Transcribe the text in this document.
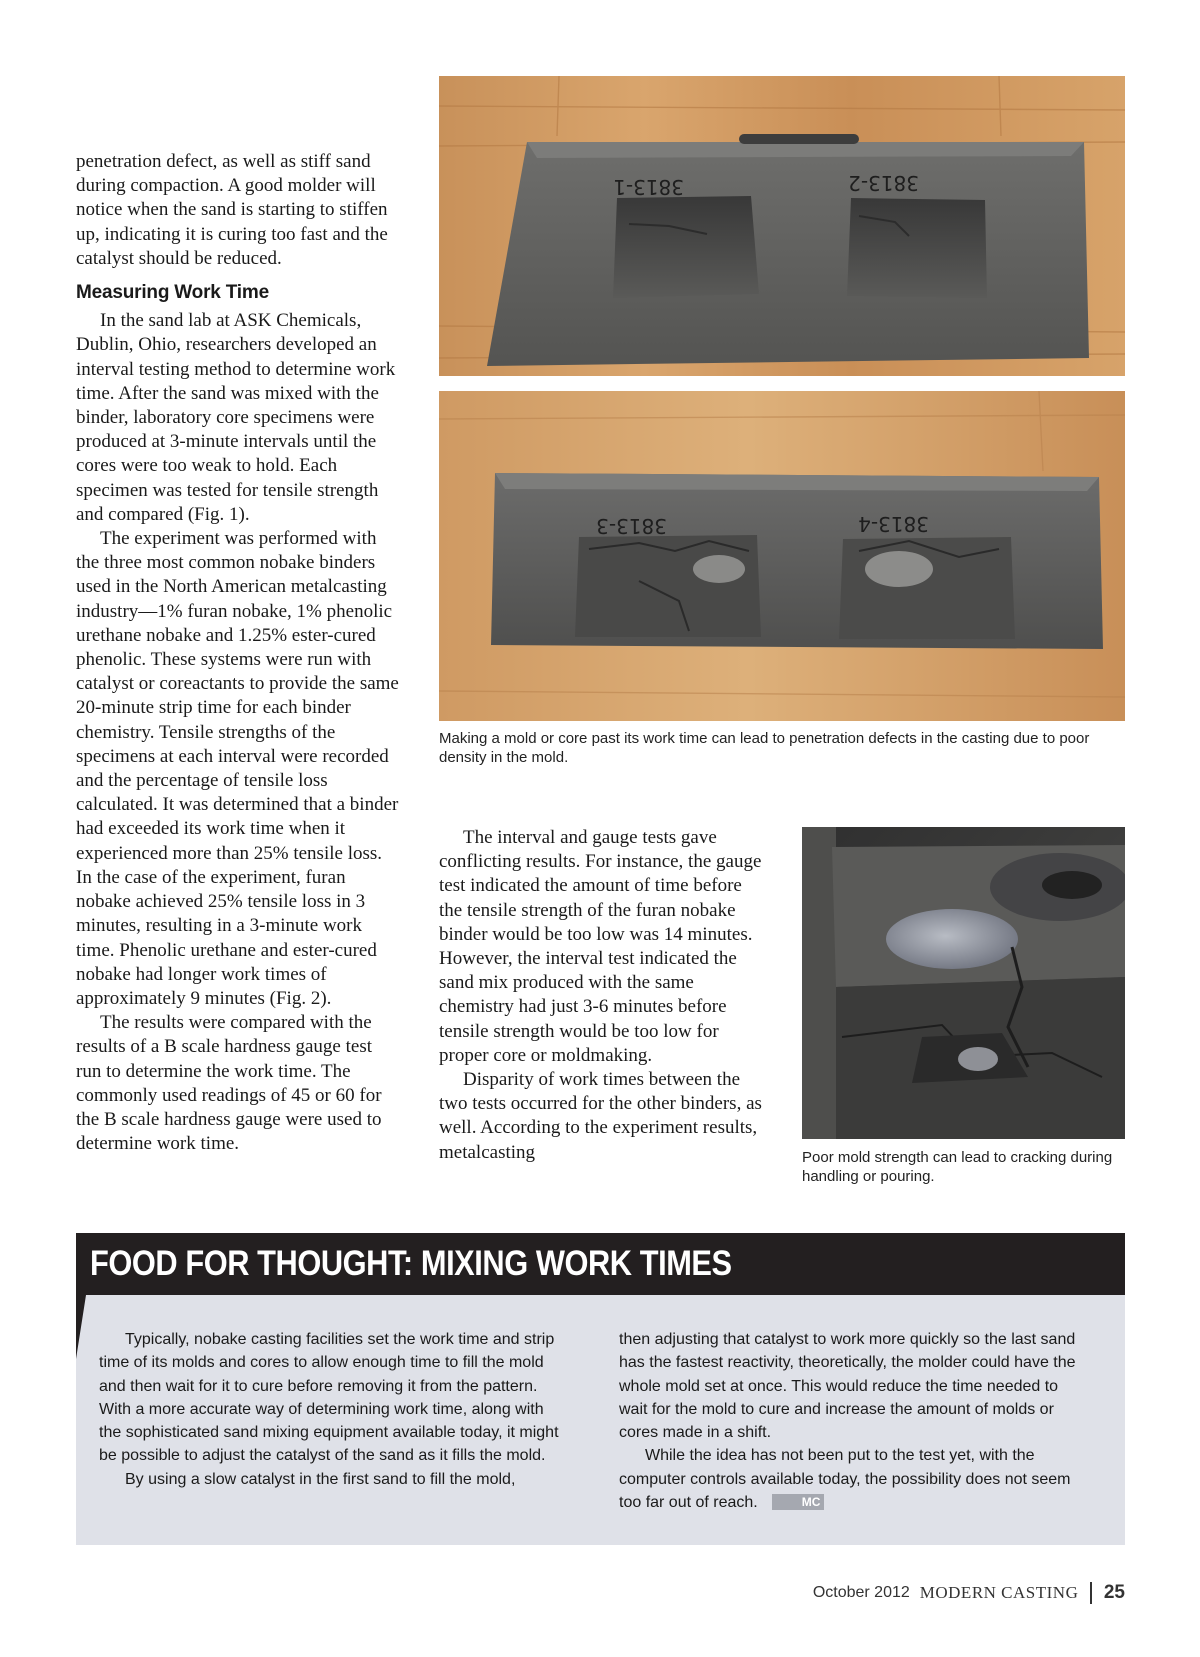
penetration defect, as well as stiff sand during compaction. A good molder will notice when the sand is starting to stiffen up, indicating it is curing too fast and the catalyst should be reduced.

Measuring Work Time

In the sand lab at ASK Chemicals, Dublin, Ohio, researchers developed an interval testing method to determine work time. After the sand was mixed with the binder, laboratory core specimens were produced at 3-minute intervals until the cores were too weak to hold. Each specimen was tested for tensile strength and compared (Fig. 1).

The experiment was performed with the three most common nobake binders used in the North American metalcasting industry—1% furan nobake, 1% phenolic urethane nobake and 1.25% ester-cured phenolic. These systems were run with catalyst or coreactants to provide the same 20-minute strip time for each binder chemistry. Tensile strengths of the specimens at each interval were recorded and the percentage of tensile loss calculated. It was determined that a binder had exceeded its work time when it experienced more than 25% tensile loss. In the case of the experiment, furan nobake achieved 25% tensile loss in 3 minutes, resulting in a 3-minute work time. Phenolic urethane and ester-cured nobake had longer work times of approximately 9 minutes (Fig. 2).

The results were compared with the results of a B scale hardness gauge test run to determine the work time. The commonly used readings of 45 or 60 for the B scale hardness gauge were used to determine work time.

3813-1	3813-2
3813-3	3813-4
Making a mold or core past its work time can lead to penetration defects in the casting due to poor density in the mold.

The interval and gauge tests gave conflicting results. For instance, the gauge test indicated the amount of time before the tensile strength of the furan nobake binder would be too low was 14 minutes. However, the interval test indicated the sand mix produced with the same chemistry had just 3-6 minutes before tensile strength would be too low for proper core or moldmaking.

Disparity of work times between the two tests occurred for the other binders, as well. According to the experiment results, metalcasting	Poor mold strength can lead to cracking during handling or pouring.
FOOD FOR THOUGHT: MIXING WORK TIMES

Typically, nobake casting facilities set the work time and strip time of its molds and cores to allow enough time to fill the mold and then wait for it to cure before removing it from the pattern. With a more accurate way of determining work time, along with the sophisticated sand mixing equipment available today, it might be possible to adjust the catalyst of the sand as it fills the mold.

By using a slow catalyst in the first sand to fill the mold,

then adjusting that catalyst to work more quickly so the last sand has the fastest reactivity, theoretically, the molder could have the whole mold set at once. This would reduce the time needed to wait for the mold to cure and increase the amount of molds or cores made in a shift.

While the idea has not been put to the test yet, with the computer controls available today, the possibility does not seem too far out of reach.	MC

October 2012 MODERN CASTING 25
